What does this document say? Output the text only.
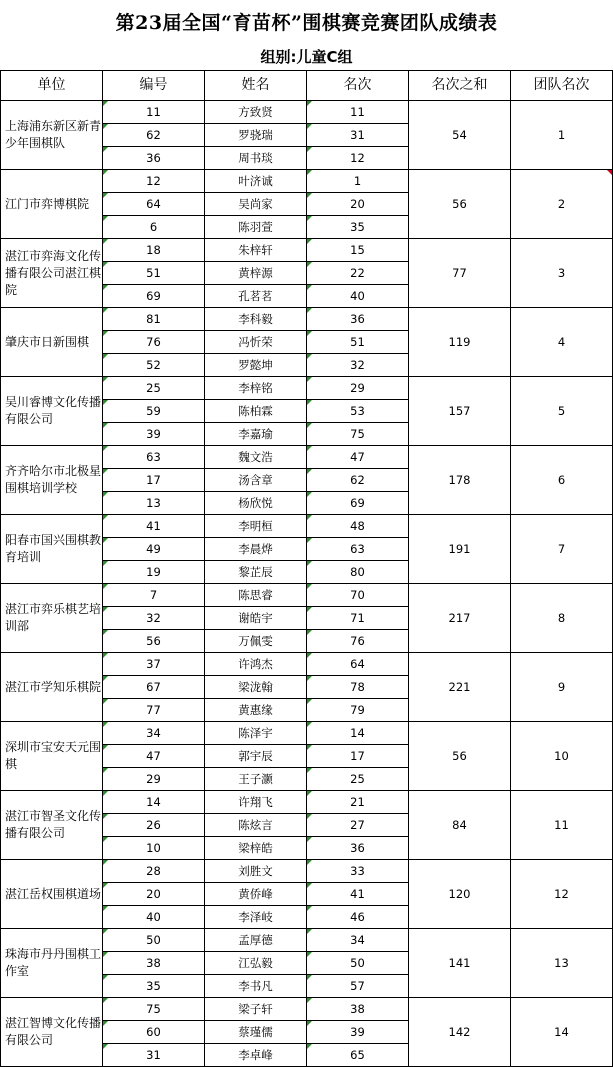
第23届全国“育苗杯”围棋赛竞赛团队成绩表
组别:儿童C组
单位	编号	姓名	名次	名次之和	团队名次
上海浦东新区新青少年围棋队	11	方致贤	11	54	1
	62	罗骁瑞	31		

	36	周书琰	12		

江门市弈博棋院	12	叶济诚	1	56	2

	64	吴尚家	20		

	6	陈羽萱	35		

湛江市弈海文化传播有限公司湛江棋院	18	朱梓轩	15	77	3
	51	黄梓源	22		

	69	孔茗茗	40		

肇庆市日新围棋	81	李科毅	36	119	4
	76	冯忻荣	51		

	52	罗懿坤	32		

吴川睿博文化传播有限公司	25	李梓铭	29	157	5
	59	陈柏霖	53		

	39	李嘉瑜	75		

齐齐哈尔市北极星围棋培训学校	63	魏文浩	47	178	6
	17	汤含章	62		

	13	杨欣悦	69		

阳春市国兴围棋教育培训	41	李明桓	48	191	7
	49	李晨烨	63		

	19	黎芷辰	80		

湛江市弈乐棋艺培训部	7	陈思睿	70	217	8
	32	谢皓宇	71		

	56	万佩雯	76		

湛江市学知乐棋院	37	许鸿杰	64	221	9
	67	梁泷翰	78		

	77	黄惠缘	79		

深圳市宝安天元围棋	34	陈泽宇	14	56	10
	47	郭宇辰	17		

	29	王子灏	25		

湛江市智圣文化传播有限公司	14	许翔飞	21	84	11
	26	陈炫言	27		

	10	梁梓皓	36		

湛江岳权围棋道场	28	刘胜文	33	120	12
	20	黄侨峰	41		

	40	李泽岐	46		

珠海市丹丹围棋工作室	50	孟厚德	34	141	13
	38	江弘毅	50		

	35	李书凡	57		

湛江智博文化传播有限公司	75	梁子轩	38	142	14
	60	蔡瑾儒	39		

	31	李卓峰	65		
